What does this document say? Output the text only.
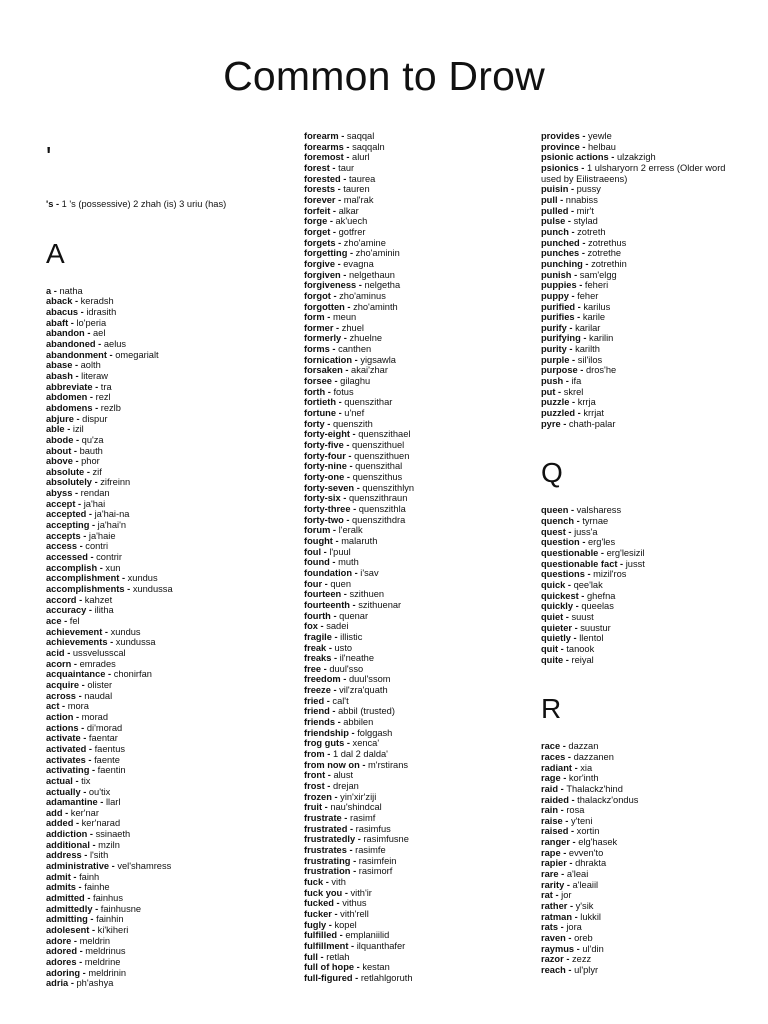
Common to Drow
'
's - 1 's (possessive) 2 zhah (is) 3 uriu (has)
A
a - natha
aback - keradsh
abacus - idrasith
abaft - lo'peria
abandon - ael
abandoned - aelus
abandonment - omegarialt
abase - aolth
abash - literaw
abbreviate - tra
abdomen - rezl
abdomens - rezlb
abjure - dispur
able - izil
abode - qu'za
about - bauth
above - phor
absolute - zif
absolutely - zifreinn
abyss - rendan
accept - ja'hai
accepted - ja'hai-na
accepting - ja'hai'n
accepts - ja'haie
access - contri
accessed - contrir
accomplish - xun
accomplishment - xundus
accomplishments - xundussa
accord - kahzet
accuracy - ilitha
ace - fel
achievement - xundus
achievements - xundussa
acid - ussvelusscal
acorn - emrades
acquaintance - chonirfan
acquire - olister
across - naudal
act - mora
action - morad
actions - di'morad
activate - faentar
activated - faentus
activates - faente
activating - faentin
actual - tix
actually - ou'tix
adamantine - llarl
add - ker'nar
added - ker'narad
addiction - ssinaeth
additional - mziln
address - l'sith
administrative - vel'shamress
admit - fainh
admits - fainhe
admitted - fainhus
admittedly - fainhusne
admitting - fainhin
adolesent - ki'kiheri
adore - meldrin
adored - meldrinus
adores - meldrine
adoring - meldrinin
adria - ph'ashya
forearm - saqqal
forearms - saqqaln
foremost - alurl
forest - taur
forested - taurea
forests - tauren
forever - mal'rak
forfeit - alkar
forge - ak'uech
forget - gotfrer
forgets - zho'amine
forgetting - zho'aminin
forgive - evagna
forgiven - nelgethaun
forgiveness - nelgetha
forgot - zho'aminus
forgotten - zho'aminth
form - meun
former - zhuel
formerly - zhuelne
forms - canthen
fornication - yigsawla
forsaken - akai'zhar
forsee - gilaghu
forth - fotus
fortieth - quenszithar
fortune - u'nef
forty - quenszith
forty-eight - quenszithael
forty-five - quenszithuel
forty-four - quenszithuen
forty-nine - quenszithal
forty-one - quenszithus
forty-seven - quenszithlyn
forty-six - quenszithraun
forty-three - quenszithla
forty-two - quenszithdra
forum - l'eralk
fought - malaruth
foul - l'puul
found - muth
foundation - i'sav
four - quen
fourteen - szithuen
fourteenth - szithuenar
fourth - quenar
fox - sadei
fragile - illistic
freak - usto
freaks - il'neathe
free - duul'sso
freedom - duul'ssom
freeze - vil'zra'quath
fried - cal't
friend - abbil (trusted)
friends - abbilen
friendship - folggash
frog guts - xenca'
from - 1 dal 2 dalda'
from now on - m'rstirans
front - alust
frost - drejan
frozen - yin'xir'ziji
fruit - nau'shindcal
frustrate - rasimf
frustrated - rasimfus
frustratedly - rasimfusne
frustrates - rasimfe
frustrating - rasimfein
frustration - rasimorf
fuck - vith
fuck you - vith'ir
fucked - vithus
fucker - vith'rell
fugly - kopel
fulfilled - emplaniilid
fulfillment - ilquanthafer
full - retlah
full of hope - kestan
full-figured - retlahlgoruth
provides - yewle
province - helbau
psionic actions - ulzakzigh
psionics - 1 ulsharyorn 2 erress (Older word used by Eilistraeens)
puisin - pussy
pull - nnabiss
pulled - mir't
pulse - stylad
punch - zotreth
punched - zotrethus
punches - zotrethe
punching - zotrethin
punish - sam'elgg
puppies - feheri
puppy - feher
purified - karilus
purifies - karile
purify - karilar
purifying - karilin
purity - karilth
purple - sil'ilos
purpose - dros'he
push - ifa
put - skrel
puzzle - krrja
puzzled - krrjat
pyre - chath-palar
Q
queen - valsharess
quench - tyrnae
quest - juss'a
question - erg'les
questionable - erg'lesizil
questionable fact - jusst
questions - mizil'ros
quick - qee'lak
quickest - ghefna
quickly - queelas
quiet - suust
quieter - suustur
quietly - llentol
quit - tanook
quite - reiyal
R
race - dazzan
races - dazzanen
radiant - xia
rage - kor'inth
raid - Thalackz'hind
raided - thalackz'ondus
rain - rosa
raise - y'teni
raised - xortin
ranger - elg'hasek
rape - evven'to
rapier - dhrakta
rare - a'leai
rarity - a'leaiil
rat - jor
rather - y'sik
ratman - lukkil
rats - jora
raven - oreb
raymus - ul'din
razor - zezz
reach - ul'plyr
